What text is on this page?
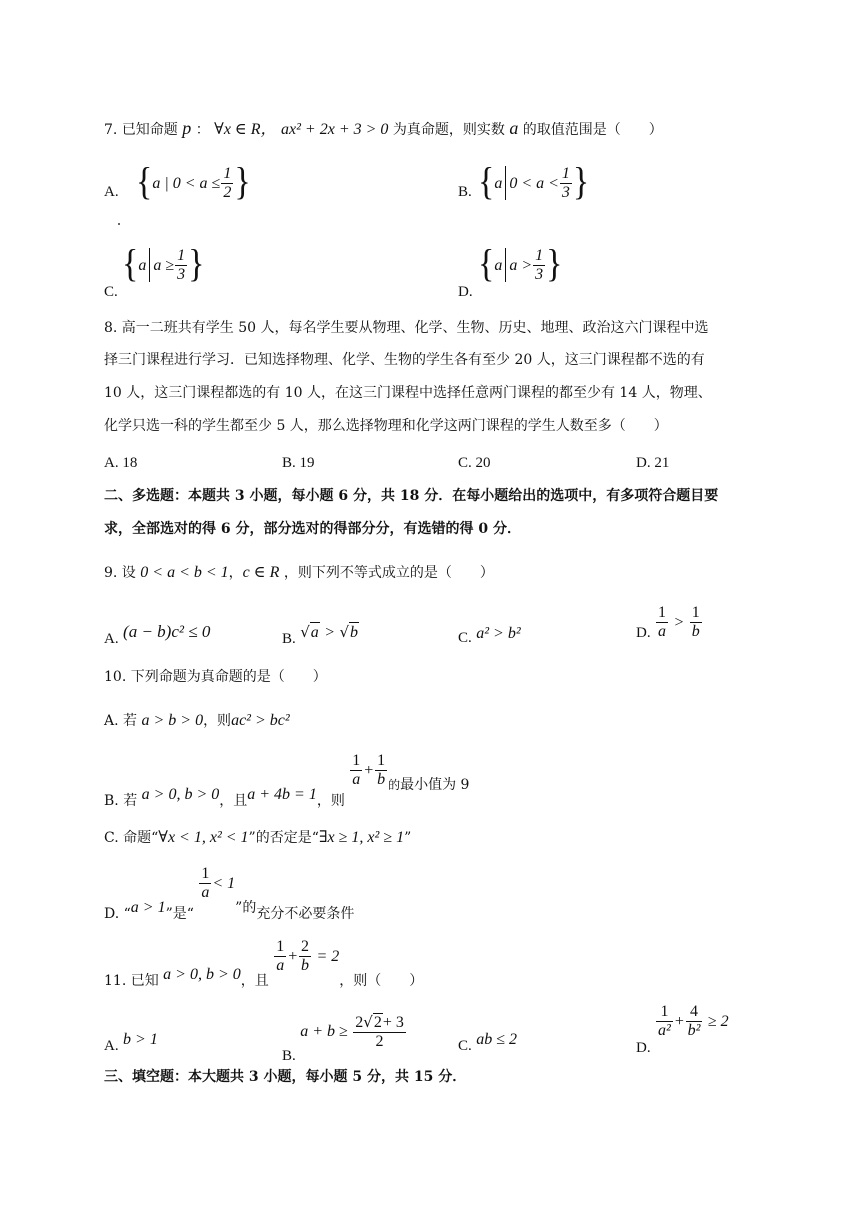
7. 已知命题 p ： ∀x ∈ R， ax² + 2x + 3 > 0 为真命题，则实数 a 的取值范围是（　　）
A. { a | $0 < a \le \frac{1}{2}$ }	B. { a $0 < a < \frac{1}{3}$ }
C.
{ a $a \ge \frac{1}{3}$ }
D.
{ a $a > \frac{1}{3}$ }
8. 高一二班共有学生 50 人，每名学生要从物理、化学、生物、历史、地理、政治这六门课程中选
择三门课程进行学习．已知选择物理、化学、生物的学生各有至少 20 人，这三门课程都不选的有
10 人，这三门课程都选的有 10 人，在这三门课程中选择任意两门课程的都至少有 14 人，物理、
化学只选一科的学生都至少 5 人，那么选择物理和化学这两门课程的学生人数至多（　　）
A. 18	B. 19	C. 20	D. 21
二、多选题：本题共 3 小题，每小题 6 分，共 18 分．在每小题给出的选项中，有多项符合题目要
求，全部选对的得 6 分，部分选对的得部分分，有选错的得 0 分．
9. 设 0 < a < b < 1，c ∈ R ，则下列不等式成立的是（　　）
A. (a − b)c² ≤ 0	B. √a > √b	C. a² > b²	D. $\frac{1}{a} > \frac{1}{b}$
10. 下列命题为真命题的是（　　）
A. 若 a > b > 0，则ac² > bc²
B. 若 a > 0, b > 0，且a + 4b = 1，则
$\frac{1}{a} + \frac{1}{b}$ 的最小值为 9
C. 命题“∀x < 1, x² < 1”的否定是“∃x ≥ 1, x² ≥ 1”
D. “a > 1”是“
$\frac{1}{a} < 1$”的充分不必要条件
11. 已知 a > 0, b > 0，且
$\frac{1}{a} + \frac{2}{b} = 2$，则（　　）
A. b > 1
B. $a + b \ge \frac{2√2+ 3}{2}$	C. ab ≤ 2	D.
$\frac{1}{\text{a²}} + \frac{4}{\text{b²}} \ge 2$
三、填空题：本大题共 3 小题，每小题 5 分，共 15 分．
